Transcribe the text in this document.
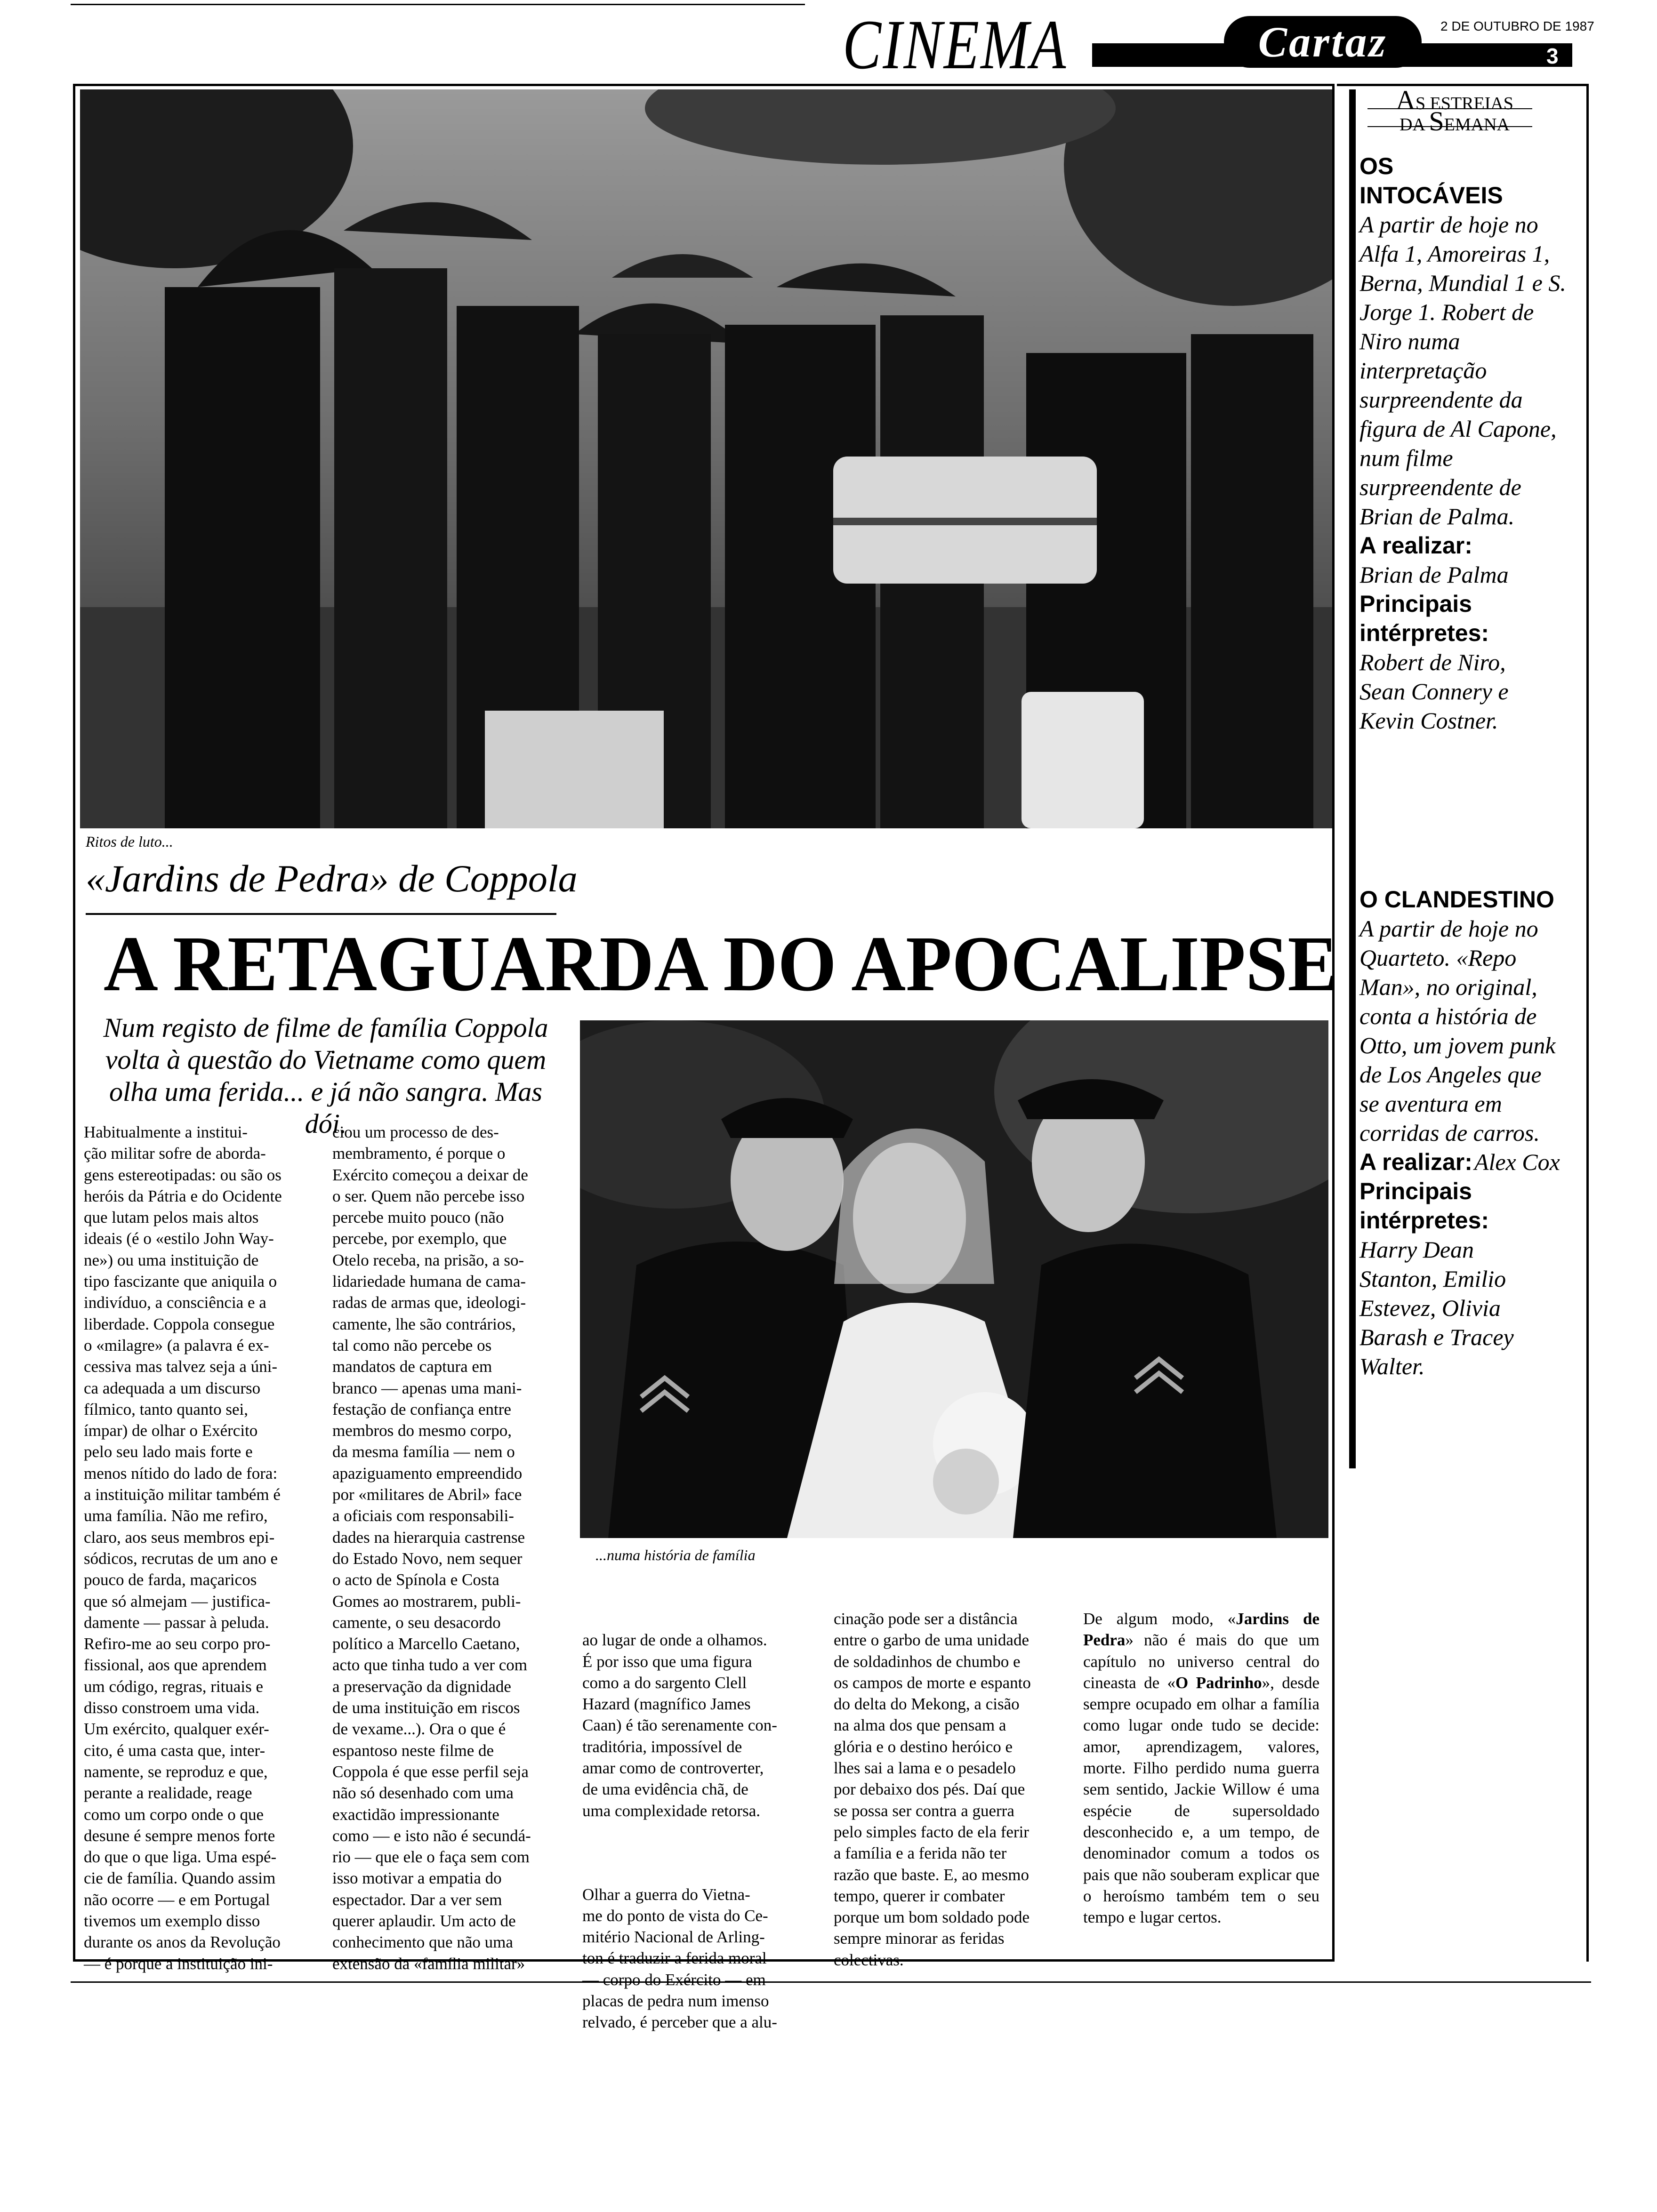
CINEMA	Cartaz	2 DE OUTUBRO DE 1987
3
Ritos de luto...
«Jardins de Pedra» de Coppola
A RETAGUARDA DO APOCALIPSE
Num registo de filme de família Coppola volta à questão do Vietname como quem olha uma ferida... e já não sangra. Mas dói.
...numa história de família
Habitualmente a institui-
ção militar sofre de aborda-
gens estereotipadas: ou são os
heróis da Pátria e do Ocidente
que lutam pelos mais altos
ideais (é o «estilo John Way-
ne») ou uma instituição de
tipo fascizante que aniquila o
indivíduo, a consciência e a
liberdade. Coppola consegue
o «milagre» (a palavra é ex-
cessiva mas talvez seja a úni-
ca adequada a um discurso
fílmico, tanto quanto sei,
ímpar) de olhar o Exército
pelo seu lado mais forte e
menos nítido do lado de fora:
a instituição militar também é
uma família. Não me refiro,
claro, aos seus membros epi-
sódicos, recrutas de um ano e
pouco de farda, maçaricos
que só almejam — justifica-
damente — passar à peluda.
Refiro-me ao seu corpo pro-
fissional, aos que aprendem
um código, regras, rituais e
disso constroem uma vida.
Um exército, qualquer exér-
cito, é uma casta que, inter-
namente, se reproduz e que,
perante a realidade, reage
como um corpo onde o que
desune é sempre menos forte
do que o que liga. Uma espé-
cie de família. Quando assim
não ocorre — e em Portugal
tivemos um exemplo disso
durante os anos da Revolução
— é porque a instituição ini-
ciou um processo de des-
membramento, é porque o
Exército começou a deixar de
o ser. Quem não percebe isso
percebe muito pouco (não
percebe, por exemplo, que
Otelo receba, na prisão, a so-
lidariedade humana de cama-
radas de armas que, ideologi-
camente, lhe são contrários,
tal como não percebe os
mandatos de captura em
branco — apenas uma mani-
festação de confiança entre
membros do mesmo corpo,
da mesma família — nem o
apaziguamento empreendido
por «militares de Abril» face
a oficiais com responsabili-
dades na hierarquia castrense
do Estado Novo, nem sequer
o acto de Spínola e Costa
Gomes ao mostrarem, publi-
camente, o seu desacordo
político a Marcello Caetano,
acto que tinha tudo a ver com
a preservação da dignidade
de uma instituição em riscos
de vexame...). Ora o que é
espantoso neste filme de
Coppola é que esse perfil seja
não só desenhado com uma
exactidão impressionante
como — e isto não é secundá-
rio — que ele o faça sem com
isso motivar a empatia do
espectador. Dar a ver sem
querer aplaudir. Um acto de
conhecimento que não uma
extensão da «família militar»

ao lugar de onde a olhamos.
É por isso que uma figura
como a do sargento Clell
Hazard (magnífico James
Caan) é tão serenamente con-
traditória, impossível de
amar como de controverter,
de uma evidência chã, de
uma complexidade retorsa.

Olhar a guerra do Vietna-
me do ponto de vista do Ce-
mitério Nacional de Arling-
ton é traduzir a ferida moral
— corpo do Exército — em
placas de pedra num imenso
relvado, é perceber que a alu-

cinação pode ser a distância
entre o garbo de uma unidade
de soldadinhos de chumbo e
os campos de morte e espanto
do delta do Mekong, a cisão
na alma dos que pensam a
glória e o destino heróico e
lhes sai a lama e o pesadelo
por debaixo dos pés. Daí que
se possa ser contra a guerra
pelo simples facto de ela ferir
a família e a ferida não ter
razão que baste. E, ao mesmo
tempo, querer ir combater
porque um bom soldado pode
sempre minorar as feridas
colectivas.
De algum modo, «Jardins de Pedra» não é mais do que um capítulo no universo central do cineasta de «O Padrinho», desde sempre ocupado em olhar a família como lugar onde tudo se decide: amor, aprendizagem, valores, morte. Filho perdido numa guerra sem sentido, Jackie Willow é uma espécie de supersoldado desconhecido e, a um tempo, de denominador comum a todos os pais que não souberam explicar que o heroísmo também tem o seu tempo e lugar certos.
AS ESTREIAS
DA SEMANA
OS INTOCÁVEIS
A partir de hoje no Alfa 1, Amoreiras 1, Berna, Mundial 1 e S. Jorge 1. Robert de Niro numa interpretação surpreendente da figura de Al Capone, num filme surpreendente de Brian de Palma.
A realizar:
Brian de Palma
Principais intérpretes:
Robert de Niro, Sean Connery e Kevin Costner.
O CLANDESTINO
A partir de hoje no Quarteto. «Repo Man», no original, conta a história de Otto, um jovem punk de Los Angeles que se aventura em corridas de carros.
A realizar: Alex Cox
Principais intérpretes:
Harry Dean Stanton, Emilio Estevez, Olivia Barash e Tracey Walter.
